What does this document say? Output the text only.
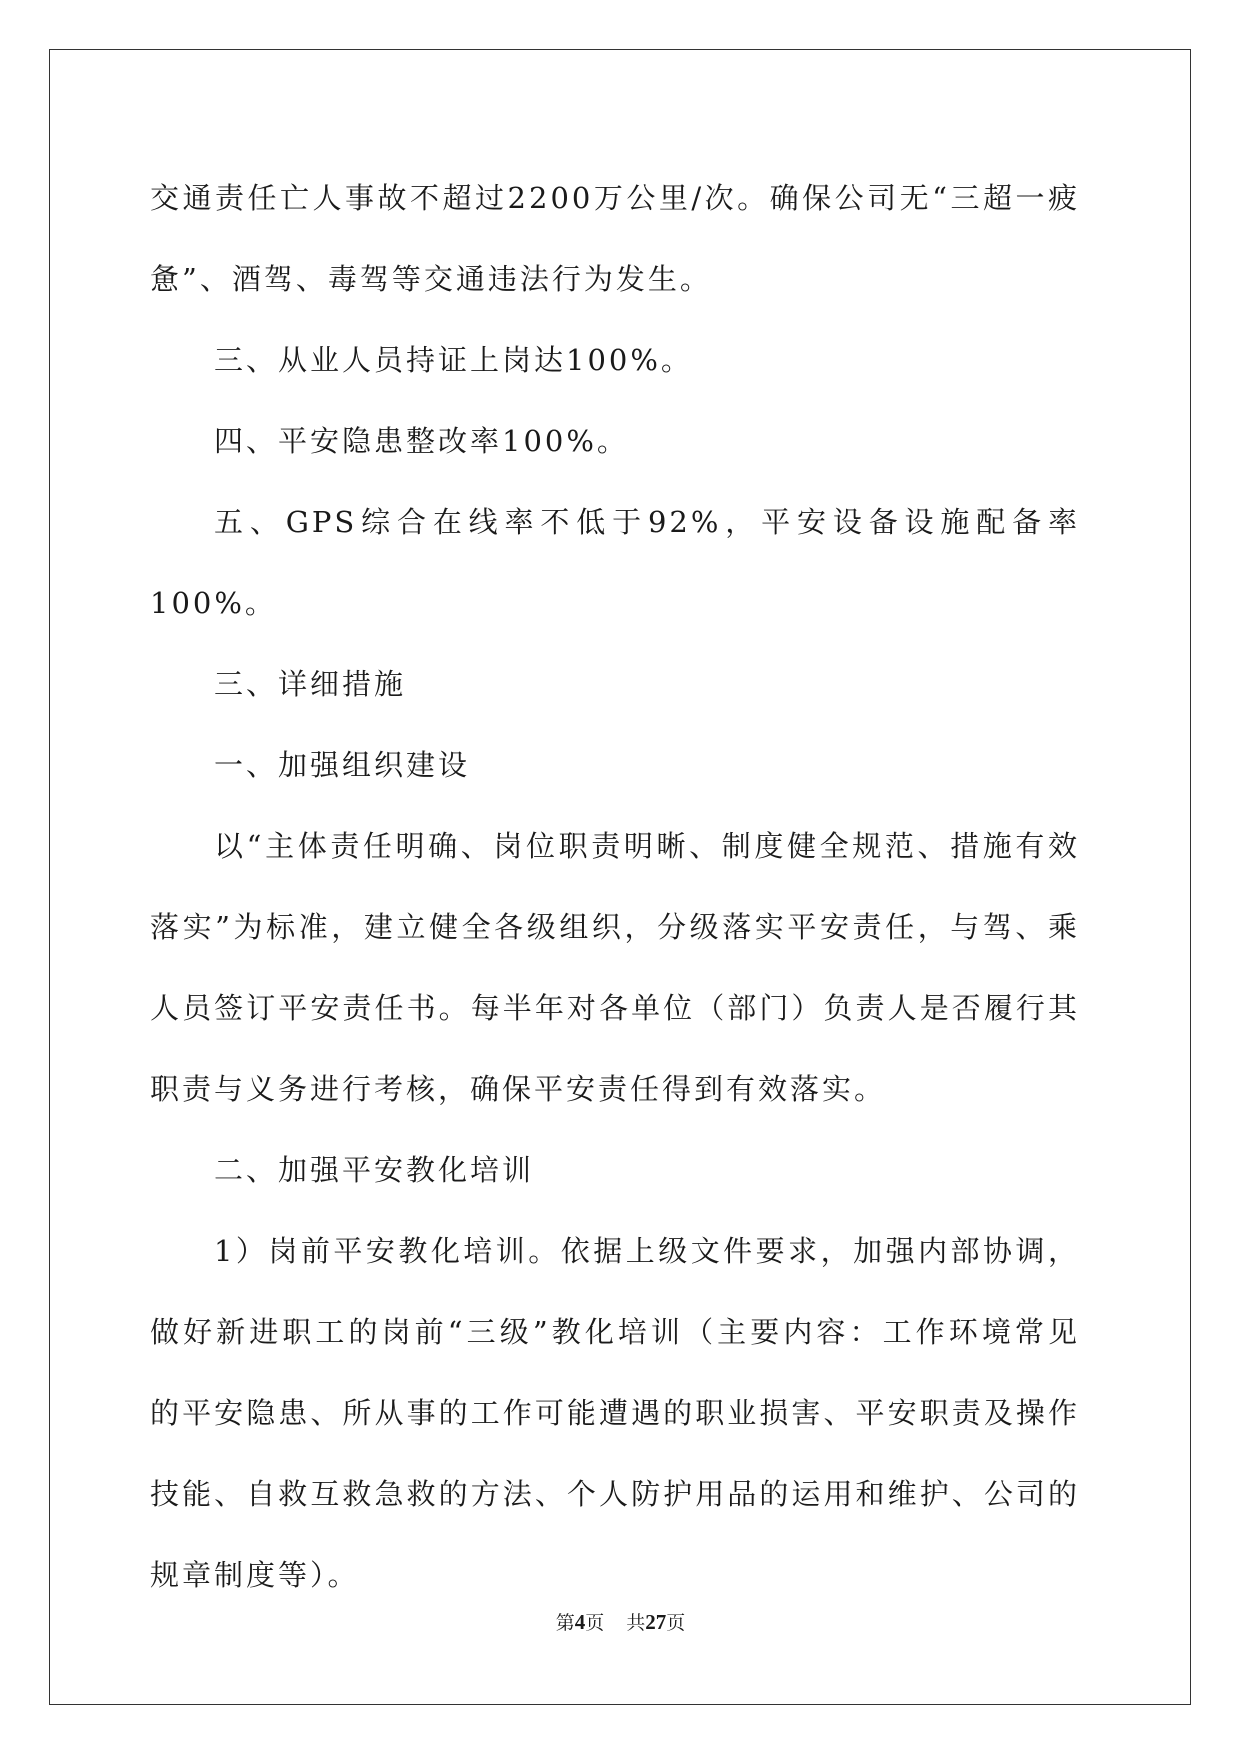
交通责任亡人事故不超过2200万公里/次。确保公司无“三超一疲惫”、酒驾、毒驾等交通违法行为发生。

三、从业人员持证上岗达100%。

四、平安隐患整改率100%。

五、GPS综合在线率不低于92%，平安设备设施配备率100%。

三、详细措施

一、加强组织建设

以“主体责任明确、岗位职责明晰、制度健全规范、措施有效落实”为标准，建立健全各级组织，分级落实平安责任，与驾、乘人员签订平安责任书。每半年对各单位（部门）负责人是否履行其职责与义务进行考核，确保平安责任得到有效落实。

二、加强平安教化培训

1）岗前平安教化培训。依据上级文件要求，加强内部协调，做好新进职工的岗前“三级”教化培训（主要内容：工作环境常见的平安隐患、所从事的工作可能遭遇的职业损害、平安职责及操作技能、自救互救急救的方法、个人防护用品的运用和维护、公司的规章制度等）。

第4页 共27页
